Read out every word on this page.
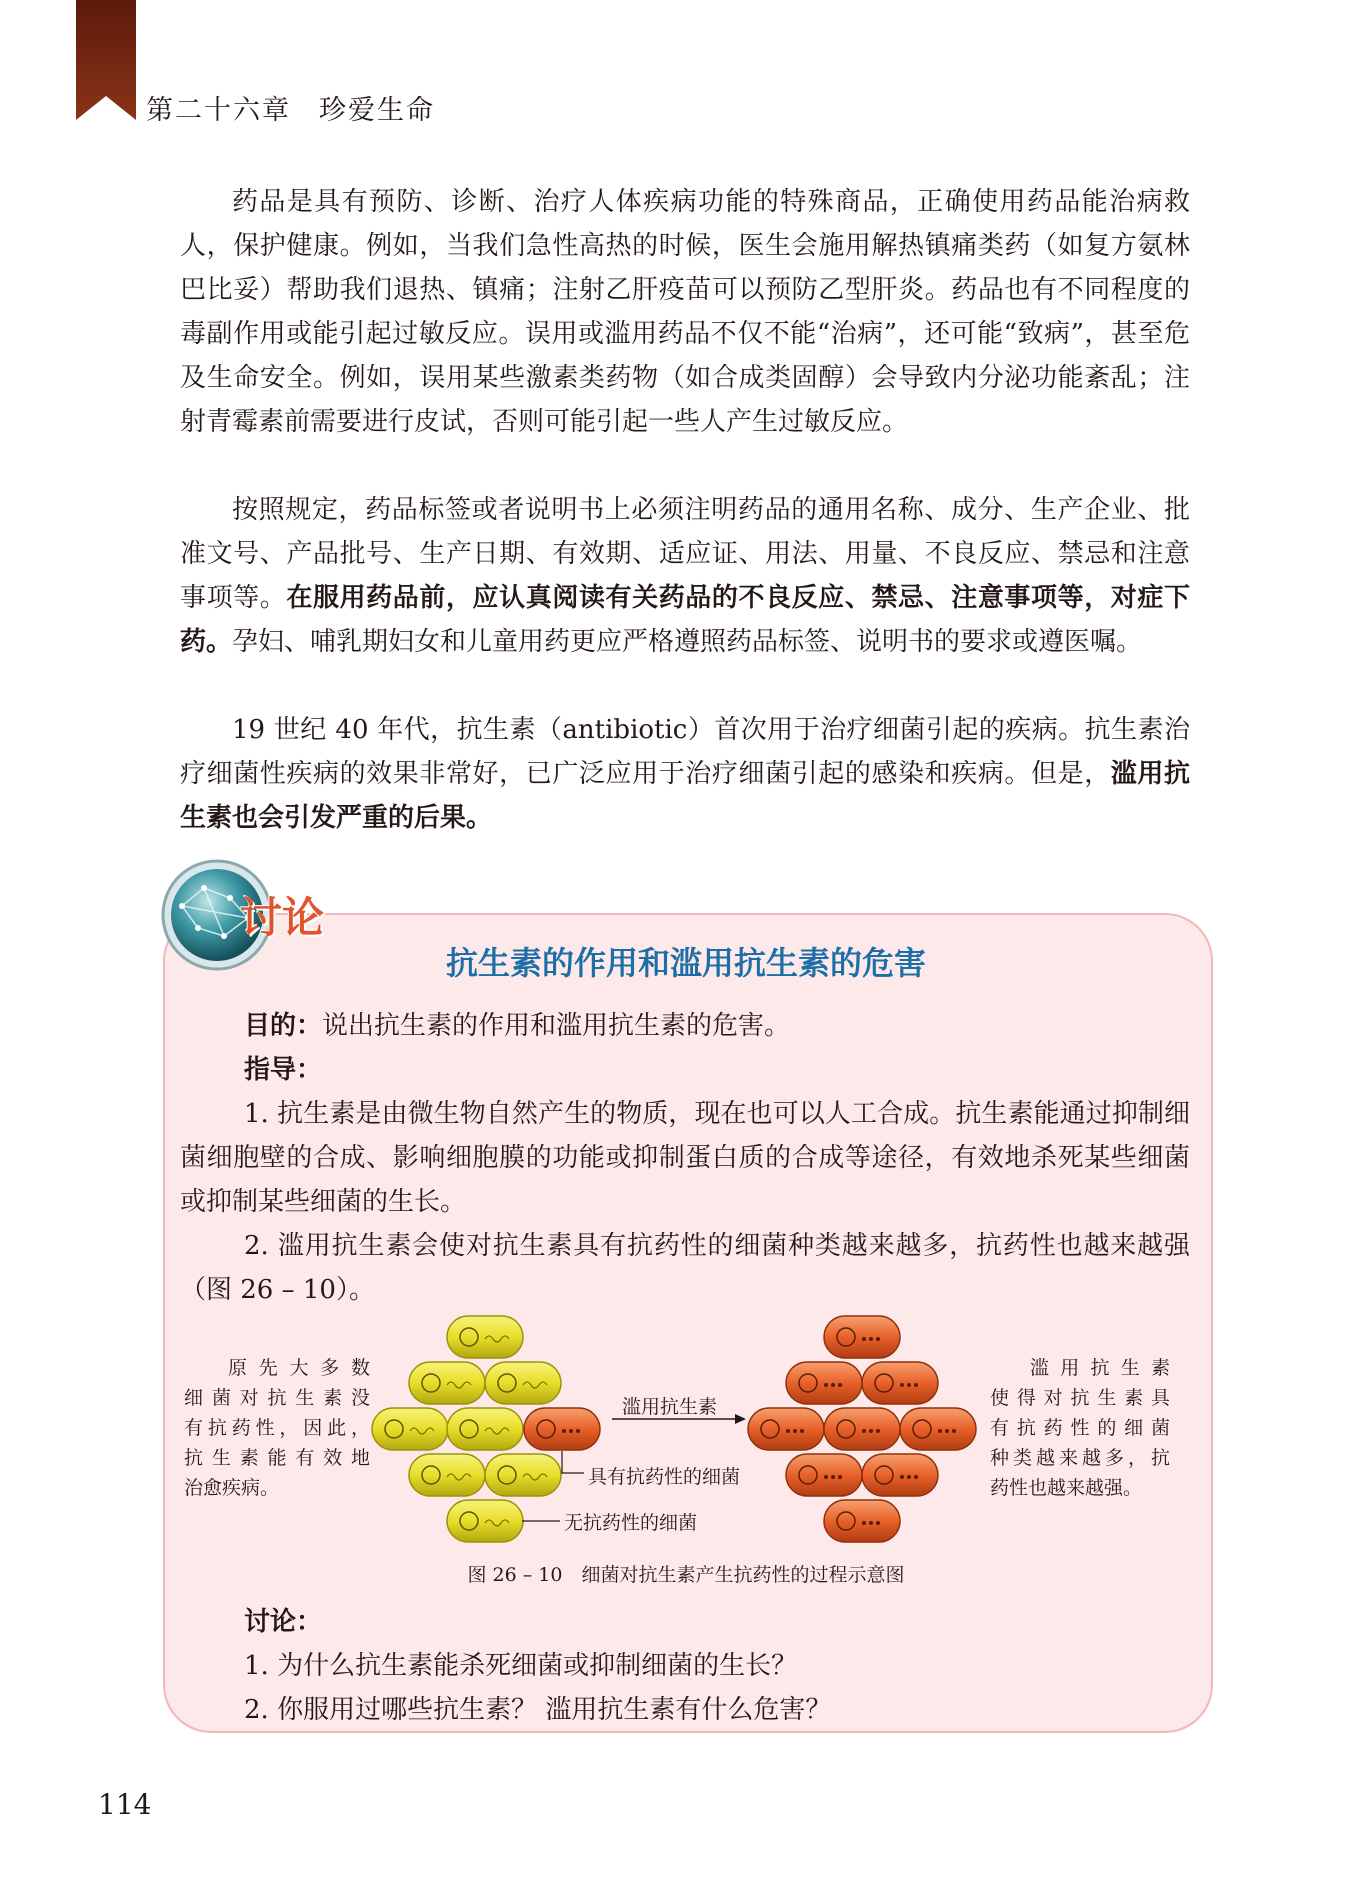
第二十六章 珍爱生命

药品是具有预防、诊断、治疗人体疾病功能的特殊商品，正确使用药品能治病救人，保护健康。例如，当我们急性高热的时候，医生会施用解热镇痛类药（如复方氨林巴比妥）帮助我们退热、镇痛；注射乙肝疫苗可以预防乙型肝炎。药品也有不同程度的毒副作用或能引起过敏反应。误用或滥用药品不仅不能“治病”，还可能“致病”，甚至危及生命安全。例如，误用某些激素类药物（如合成类固醇）会导致内分泌功能紊乱；注射青霉素前需要进行皮试，否则可能引起一些人产生过敏反应。

按照规定，药品标签或者说明书上必须注明药品的通用名称、成分、生产企业、批准文号、产品批号、生产日期、有效期、适应证、用法、用量、不良反应、禁忌和注意事项等。在服用药品前，应认真阅读有关药品的不良反应、禁忌、注意事项等，对症下药。孕妇、哺乳期妇女和儿童用药更应严格遵照药品标签、说明书的要求或遵医嘱。

19 世纪 40 年代，抗生素（antibiotic）首次用于治疗细菌引起的疾病。抗生素治疗细菌性疾病的效果非常好，已广泛应用于治疗细菌引起的感染和疾病。但是，滥用抗生素也会引发严重的后果。

讨论
抗生素的作用和滥用抗生素的危害

目的：说出抗生素的作用和滥用抗生素的危害。

指导：

1. 抗生素是由微生物自然产生的物质，现在也可以人工合成。抗生素能通过抑制细菌细胞壁的合成、影响细胞膜的功能或抑制蛋白质的合成等途径，有效地杀死某些细菌或抑制某些细菌的生长。

2. 滥用抗生素会使对抗生素具有抗药性的细菌种类越来越多，抗药性也越来越强（图 26 – 10）。

原先大多数
细菌对抗生素没
有抗药性，因此，
抗生素能有效地
治愈疾病。
滥用抗生素
使得对抗生素具
有抗药性的细菌
种类越来越多，抗
药性也越来越强。
滥用抗生素
具有抗药性的细菌
无抗药性的细菌
图 26 – 10　细菌对抗生素产生抗药性的过程示意图

讨论：

1. 为什么抗生素能杀死细菌或抑制细菌的生长？

2. 你服用过哪些抗生素？ 滥用抗生素有什么危害？

114
